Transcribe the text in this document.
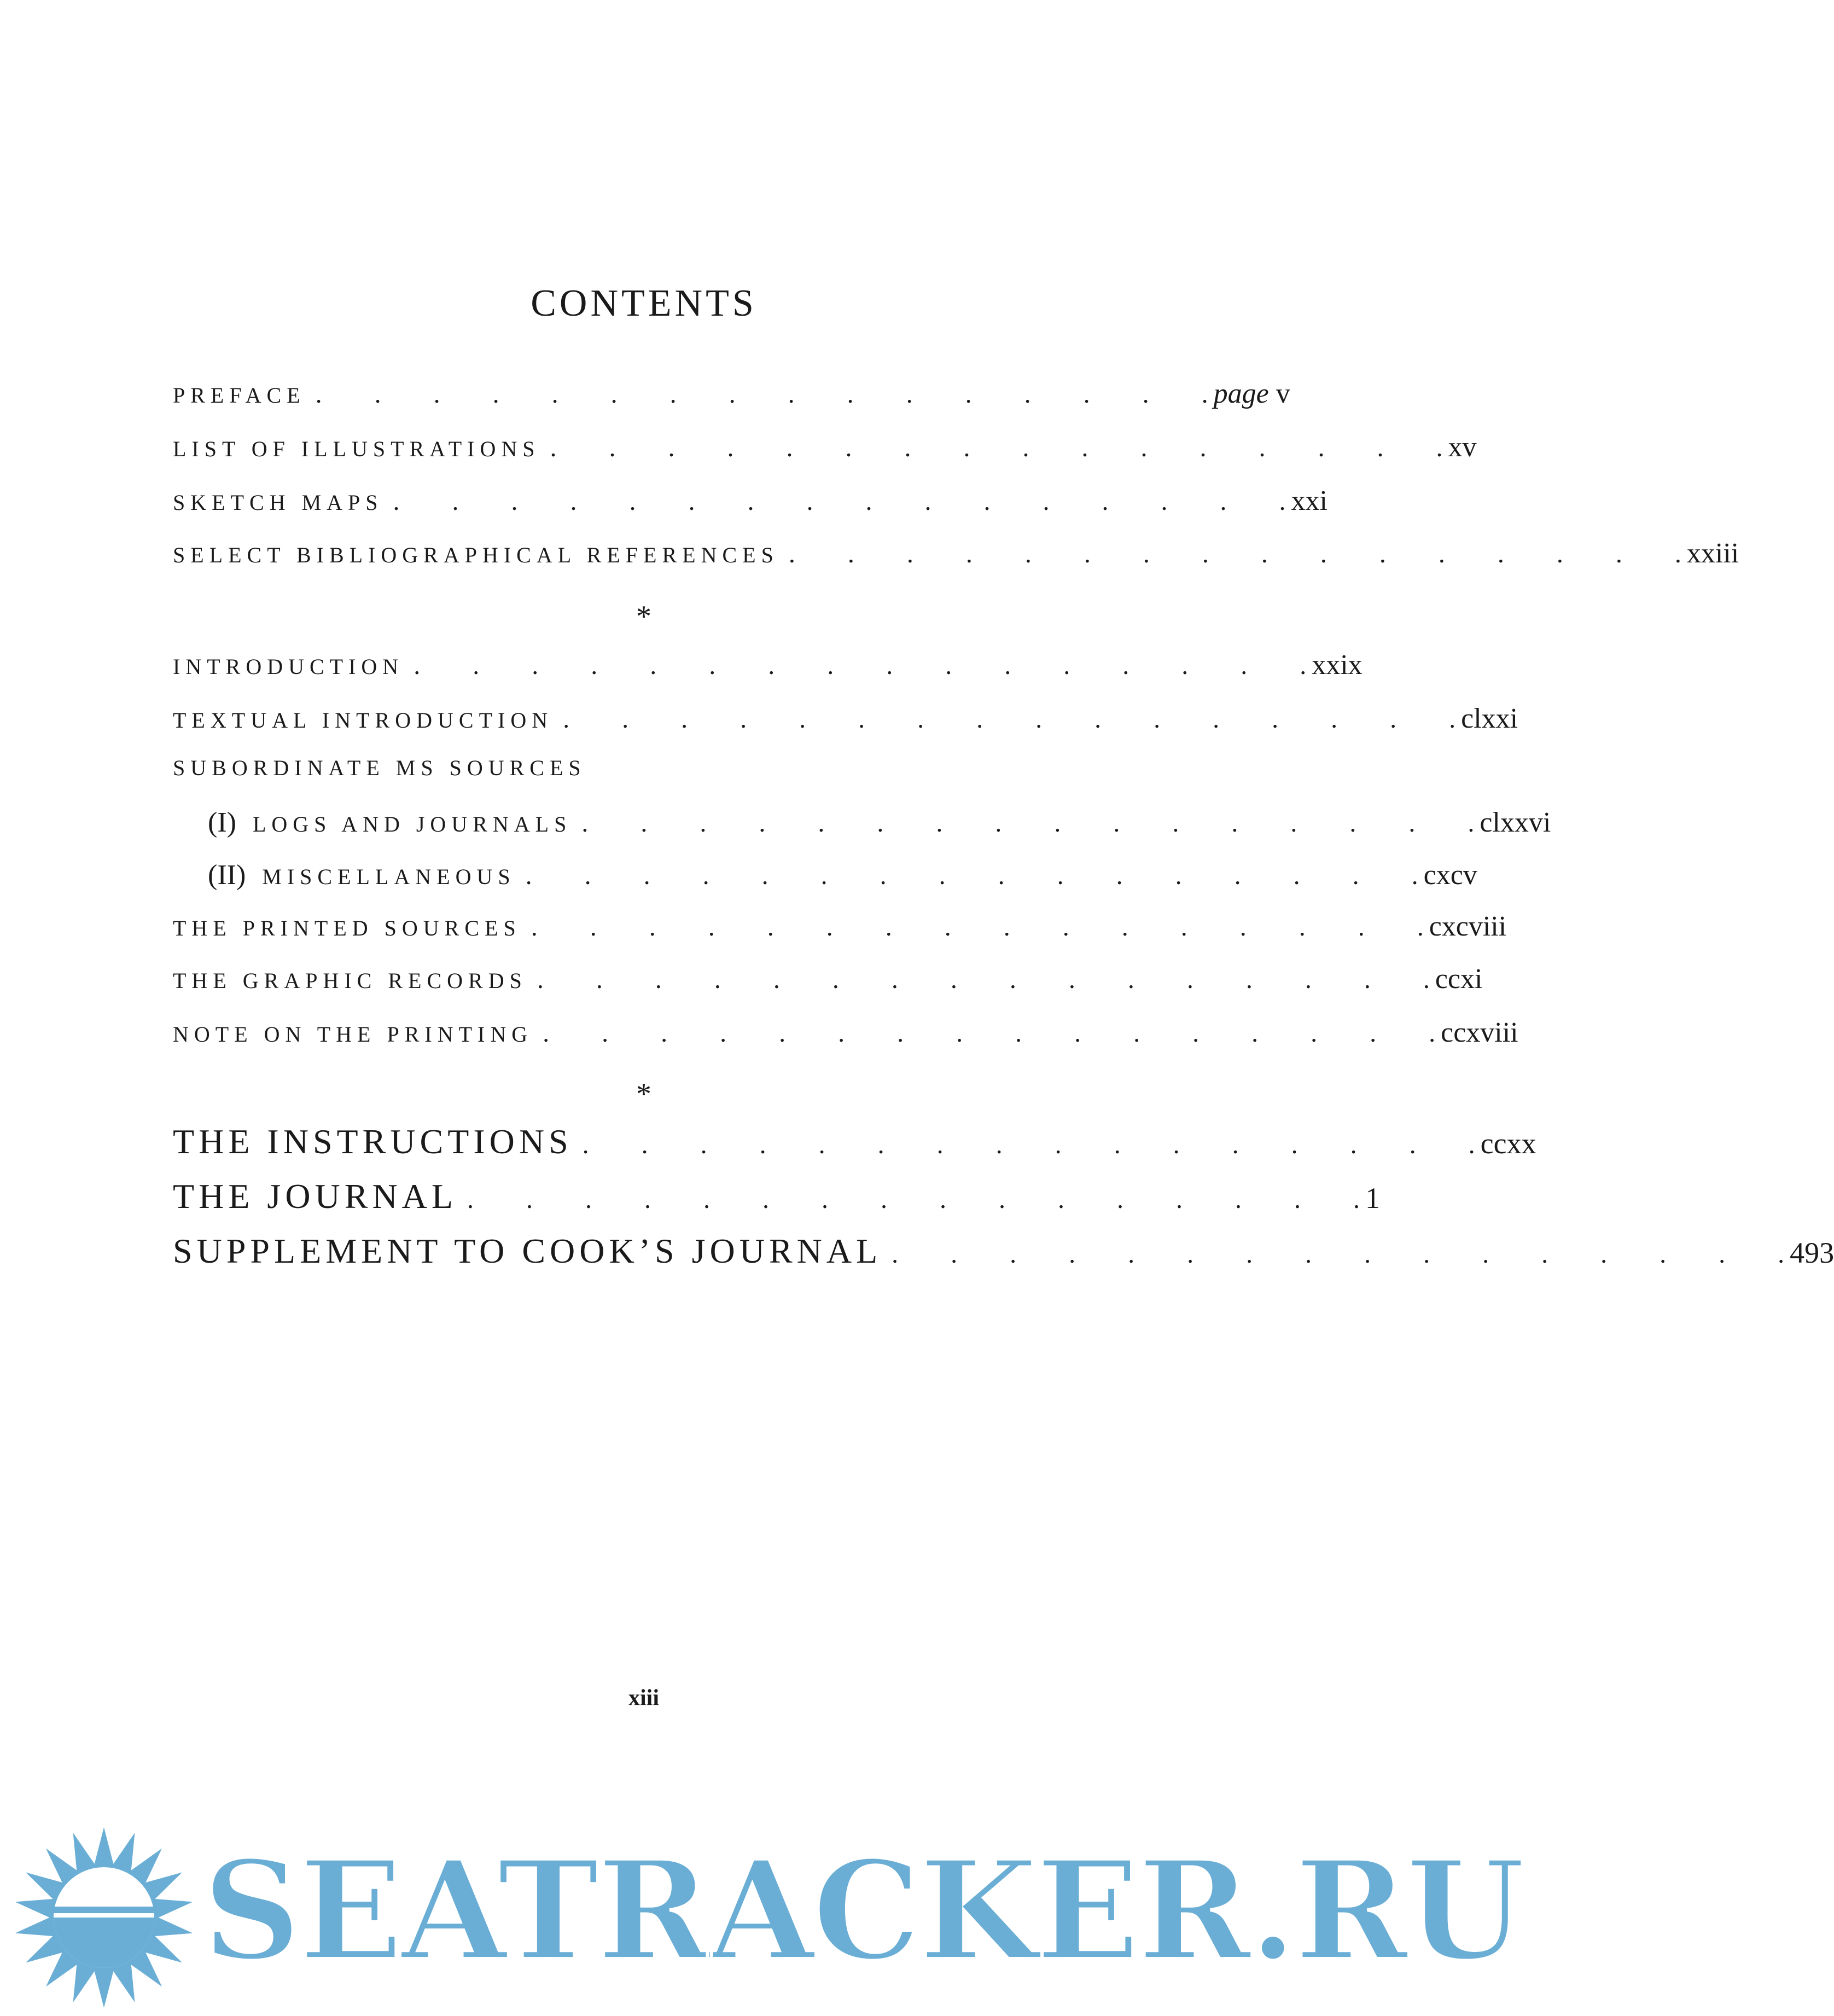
CONTENTS
PREFACE .	page v
LIST OF ILLUSTRATIONS .	xv
SKETCH MAPS .	xxi
SELECT BIBLIOGRAPHICAL REFERENCES .	xxiii
*
INTRODUCTION .	xxix
TEXTUAL INTRODUCTION .	clxxi
SUBORDINATE MS SOURCES
(I) LOGS AND JOURNALS .	clxxvi
(II) MISCELLANEOUS .	cxcv
THE PRINTED SOURCES .	cxcviii
THE GRAPHIC RECORDS .	ccxi
NOTE ON THE PRINTING .	ccxviii
*
THE INSTRUCTIONS .	ccxx
THE JOURNAL .	1
SUPPLEMENT TO COOK’S JOURNAL .	493
xiii
SEATRACKER.RU
